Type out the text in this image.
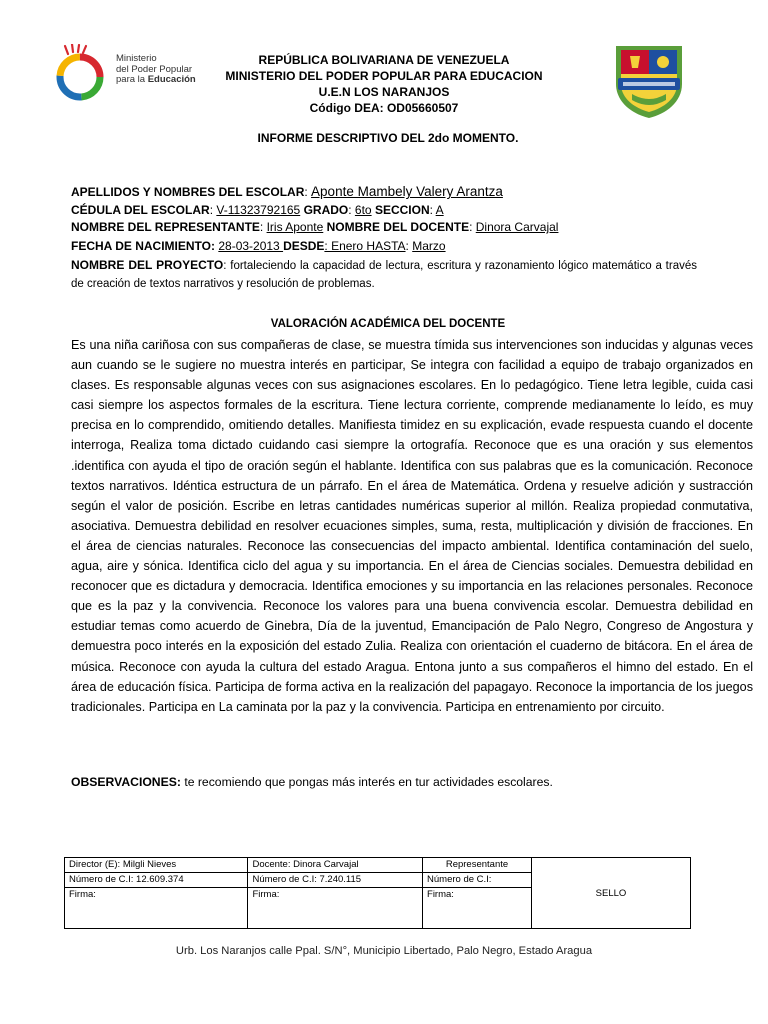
Ministerio
del Poder Popular
para la Educación
REPÚBLICA BOLIVARIANA DE VENEZUELA
MINISTERIO DEL PODER POPULAR PARA EDUCACION
U.E.N LOS NARANJOS
Código DEA: OD05660507
INFORME DESCRIPTIVO DEL 2do MOMENTO.
APELLIDOS Y NOMBRES DEL ESCOLAR: Aponte Mambely Valery Arantza
CÉDULA DEL ESCOLAR: V-11323792165 GRADO: 6to SECCION: A
NOMBRE DEL REPRESENTANTE: Iris Aponte NOMBRE DEL DOCENTE: Dinora Carvajal
FECHA DE NACIMIENTO: 28-03-2013 DESDE: Enero HASTA: Marzo
NOMBRE DEL PROYECTO: fortaleciendo la capacidad de lectura, escritura y razonamiento lógico matemático a través de creación de textos narrativos y resolución de problemas.
VALORACIÓN ACADÉMICA DEL DOCENTE

Es una niña cariñosa con sus compañeras de clase, se muestra tímida sus intervenciones son inducidas y algunas veces aun cuando se le sugiere no muestra interés en participar, Se integra con facilidad a equipo de trabajo organizados en clases. Es responsable algunas veces con sus asignaciones escolares. En lo pedagógico. Tiene letra legible, cuida casi casi siempre los aspectos formales de la escritura. Tiene lectura corriente, comprende medianamente lo leído, es muy precisa en lo comprendido, omitiendo detalles. Manifiesta timidez en su explicación, evade respuesta cuando el docente interroga, Realiza toma dictado cuidando casi siempre la ortografía. Reconoce que es una oración y sus elementos .identifica con ayuda el tipo de oración según el hablante. Identifica con sus palabras que es la comunicación. Reconoce textos narrativos. Idéntica estructura de un párrafo. En el área de Matemática. Ordena y resuelve adición y sustracción según el valor de posición. Escribe en letras cantidades numéricas superior al millón. Realiza propiedad conmutativa, asociativa. Demuestra debilidad en resolver ecuaciones simples, suma, resta, multiplicación y división de fracciones. En el área de ciencias naturales. Reconoce las consecuencias del impacto ambiental. Identifica contaminación del suelo, agua, aire y sónica. Identifica ciclo del agua y su importancia. En el área de Ciencias sociales. Demuestra debilidad en reconocer que es dictadura y democracia. Identifica emociones y su importancia en las relaciones personales. Reconoce que es la paz y la convivencia. Reconoce los valores para una buena convivencia escolar. Demuestra debilidad en estudiar temas como acuerdo de Ginebra, Día de la juventud, Emancipación de Palo Negro, Congreso de Angostura y demuestra poco interés en la exposición del estado Zulia. Realiza con orientación el cuaderno de bitácora. En el área de música. Reconoce con ayuda la cultura del estado Aragua. Entona junto a sus compañeros el himno del estado. En el área de educación física. Participa de forma activa en la realización del papagayo. Reconoce la importancia de los juegos tradicionales. Participa en La caminata por la paz y la convivencia. Participa en entrenamiento por circuito.

OBSERVACIONES: te recomiendo que pongas más interés en tur actividades escolares.
Director (E): Milgli Nieves	Docente: Dinora Carvajal	Representante	SELLO
Número de C.I: 12.609.374	Número de C.I: 7.240.115	Número de C.I:	
Firma:	Firma:	Firma:	
Urb. Los Naranjos calle Ppal. S/N°, Municipio Libertado, Palo Negro, Estado Aragua
